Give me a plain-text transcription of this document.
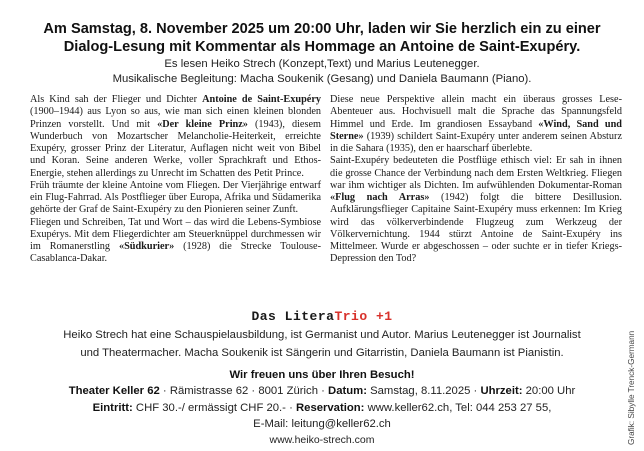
Am Samstag, 8. November 2025 um 20:00 Uhr, laden wir Sie herzlich ein zu einer
Dialog-Lesung mit Kommentar als Hommage an Antoine de Saint-Exupéry.
Es lesen Heiko Strech (Konzept,Text) und Marius Leutenegger.
Musikalische Begleitung: Macha Soukenik (Gesang) und Daniela Baumann (Piano).

Als Kind sah der Flieger und Dichter Antoine de Saint-Exupéry (1900–1944) aus Lyon so aus, wie man sich einen kleinen blonden Prinzen vorstellt. Und mit «Der kleine Prinz» (1943), diesem Wunderbuch von Mozartscher Melancholie-Heiterkeit, erreichte Exupéry, grosser Prinz der Literatur, Auflagen nicht weit von Bibel und Koran. Seine anderen Werke, voller Sprachkraft und Ethos-Energie, stehen allerdings zu Unrecht im Schatten des Petit Prince.

Früh träumte der kleine Antoine vom Fliegen. Der Vierjährige entwarf ein Flug-Fahrrad. Als Postflieger über Europa, Afrika und Südamerika gehörte der Graf de Saint-Exupéry zu den Pionieren seiner Zunft.

Fliegen und Schreiben, Tat und Wort – das wird die Lebens-Symbiose Exupérys. Mit dem Fliegerdichter am Steuerknüppel durchmessen wir im Romanerstling «Südkurier» (1928) die Strecke Toulouse-Casablanca-Dakar.

Diese neue Perspektive allein macht ein überaus grosses Lese-Abenteuer aus. Hochvisuell malt die Sprache das Spannungsfeld Himmel und Erde. Im grandiosen Essayband «Wind, Sand und Sterne» (1939) schildert Saint-Exupéry unter anderem seinen Absturz in die Sahara (1935), den er haarscharf überlebte.

Saint-Exupéry bedeuteten die Postflüge ethisch viel: Er sah in ihnen die grosse Chance der Verbindung nach dem Ersten Weltkrieg. Fliegen war ihm wichtiger als Dichten. Im aufwühlenden Dokumentar-Roman «Flug nach Arras» (1942) folgt die bittere Desillusion. Aufklärungsflieger Capitaine Saint-Exupéry muss erkennen: Im Krieg wird das völkerverbindende Flugzeug zum Werkzeug der Völkervernichtung. 1944 stürzt Antoine de Saint-Exupéry ins Mittelmeer. Wurde er abgeschossen – oder suchte er in tiefer Kriegs-Depression den Tod?

Das LiteraTrio +1
Heiko Strech hat eine Schauspielausbildung, ist Germanist und Autor. Marius Leutenegger ist Journalist
und Theatermacher. Macha Soukenik ist Sängerin und Gitarristin, Daniela Baumann ist Pianistin.
Wir freuen uns über Ihren Besuch!
Theater Keller 62 · Rämistrasse 62 · 8001 Zürich · Datum: Samstag, 8.11.2025 · Uhrzeit: 20:00 Uhr
Eintritt: CHF 30.-/ ermässigt CHF 20.- · Reservation: www.keller62.ch, Tel: 044 253 27 55,
E-Mail: leitung@keller62.ch
www.heiko-strech.com	Grafik: Sibylle Trenck-Germann
